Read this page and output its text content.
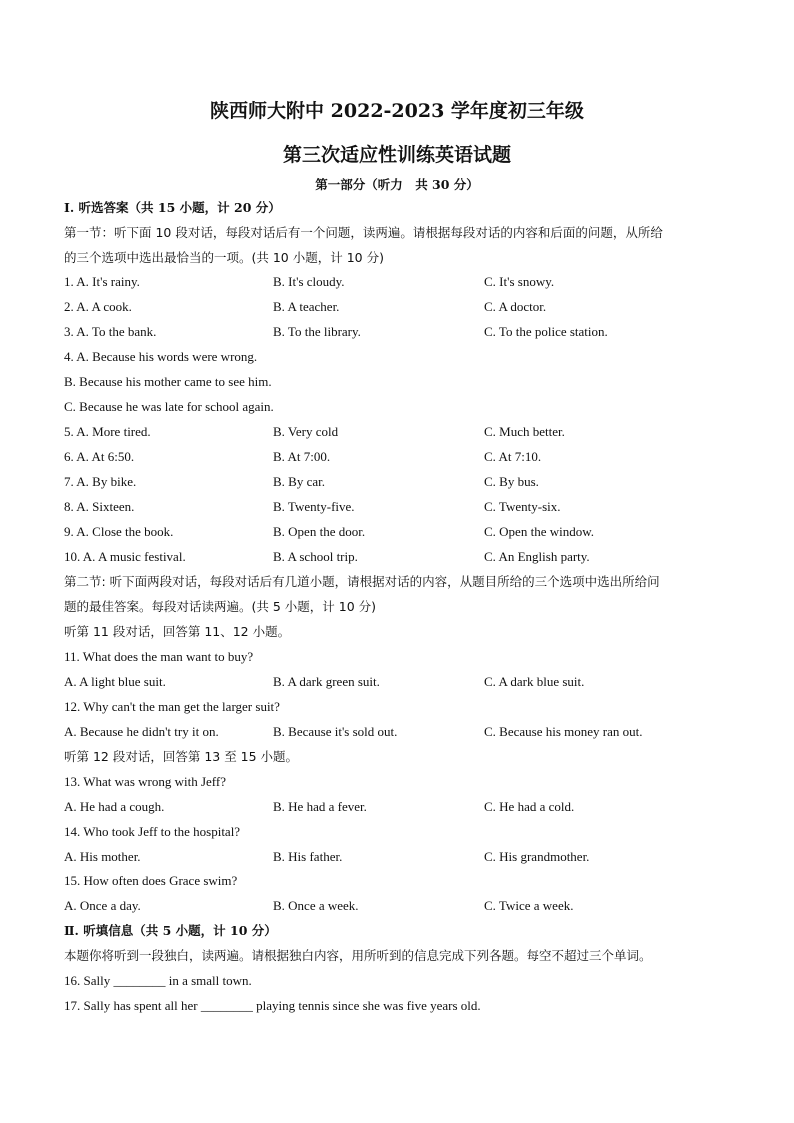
陕西师大附中 2022-2023 学年度初三年级
第三次适应性训练英语试题
第一部分（听力　共 30 分）
Ⅰ. 听选答案（共 15 小题，计 20 分）
第一节：听下面 10 段对话，每段对话后有一个问题，读两遍。请根据每段对话的内容和后面的问题，从所给
的三个选项中选出最恰当的一项。(共 10 小题，计 10 分)
1. A. It's rainy.	B. It's cloudy.	C. It's snowy.
2. A. A cook.	B. A teacher.	C. A doctor.
3. A. To the bank.	B. To the library.	C. To the police station.
4. A. Because his words were wrong.
B. Because his mother came to see him.
C. Because he was late for school again.
5. A. More tired.	B. Very cold	C. Much better.
6. A. At 6:50.	B. At 7:00.	C. At 7:10.
7. A. By bike.	B. By car.	C. By bus.
8. A. Sixteen.	B. Twenty-five.	C. Twenty-six.
9. A. Close the book.	B. Open the door.	C. Open the window.
10. A. A music festival.	B. A school trip.	C. An English party.
第二节: 听下面两段对话，每段对话后有几道小题，请根据对话的内容，从题目所给的三个选项中选出所给问
题的最佳答案。每段对话读两遍。(共 5 小题，计 10 分)
听第 11 段对话，回答第 11、12 小题。
11. What does the man want to buy?
A. A light blue suit.	B. A dark green suit.	C. A dark blue suit.
12. Why can't the man get the larger suit?
A. Because he didn't try it on.	B. Because it's sold out.	C. Because his money ran out.
听第 12 段对话，回答第 13 至 15 小题。
13. What was wrong with Jeff?
A. He had a cough.	B. He had a fever.	C. He had a cold.
14. Who took Jeff to the hospital?
A. His mother.	B. His father.	C. His grandmother.
15. How often does Grace swim?
A. Once a day.	B. Once a week.	C. Twice a week.
Ⅱ. 听填信息（共 5 小题，计 10 分）
本题你将听到一段独白，读两遍。请根据独白内容，用所听到的信息完成下列各题。每空不超过三个单词。
16. Sally ________ in a small town.
17. Sally has spent all her ________ playing tennis since she was five years old.
